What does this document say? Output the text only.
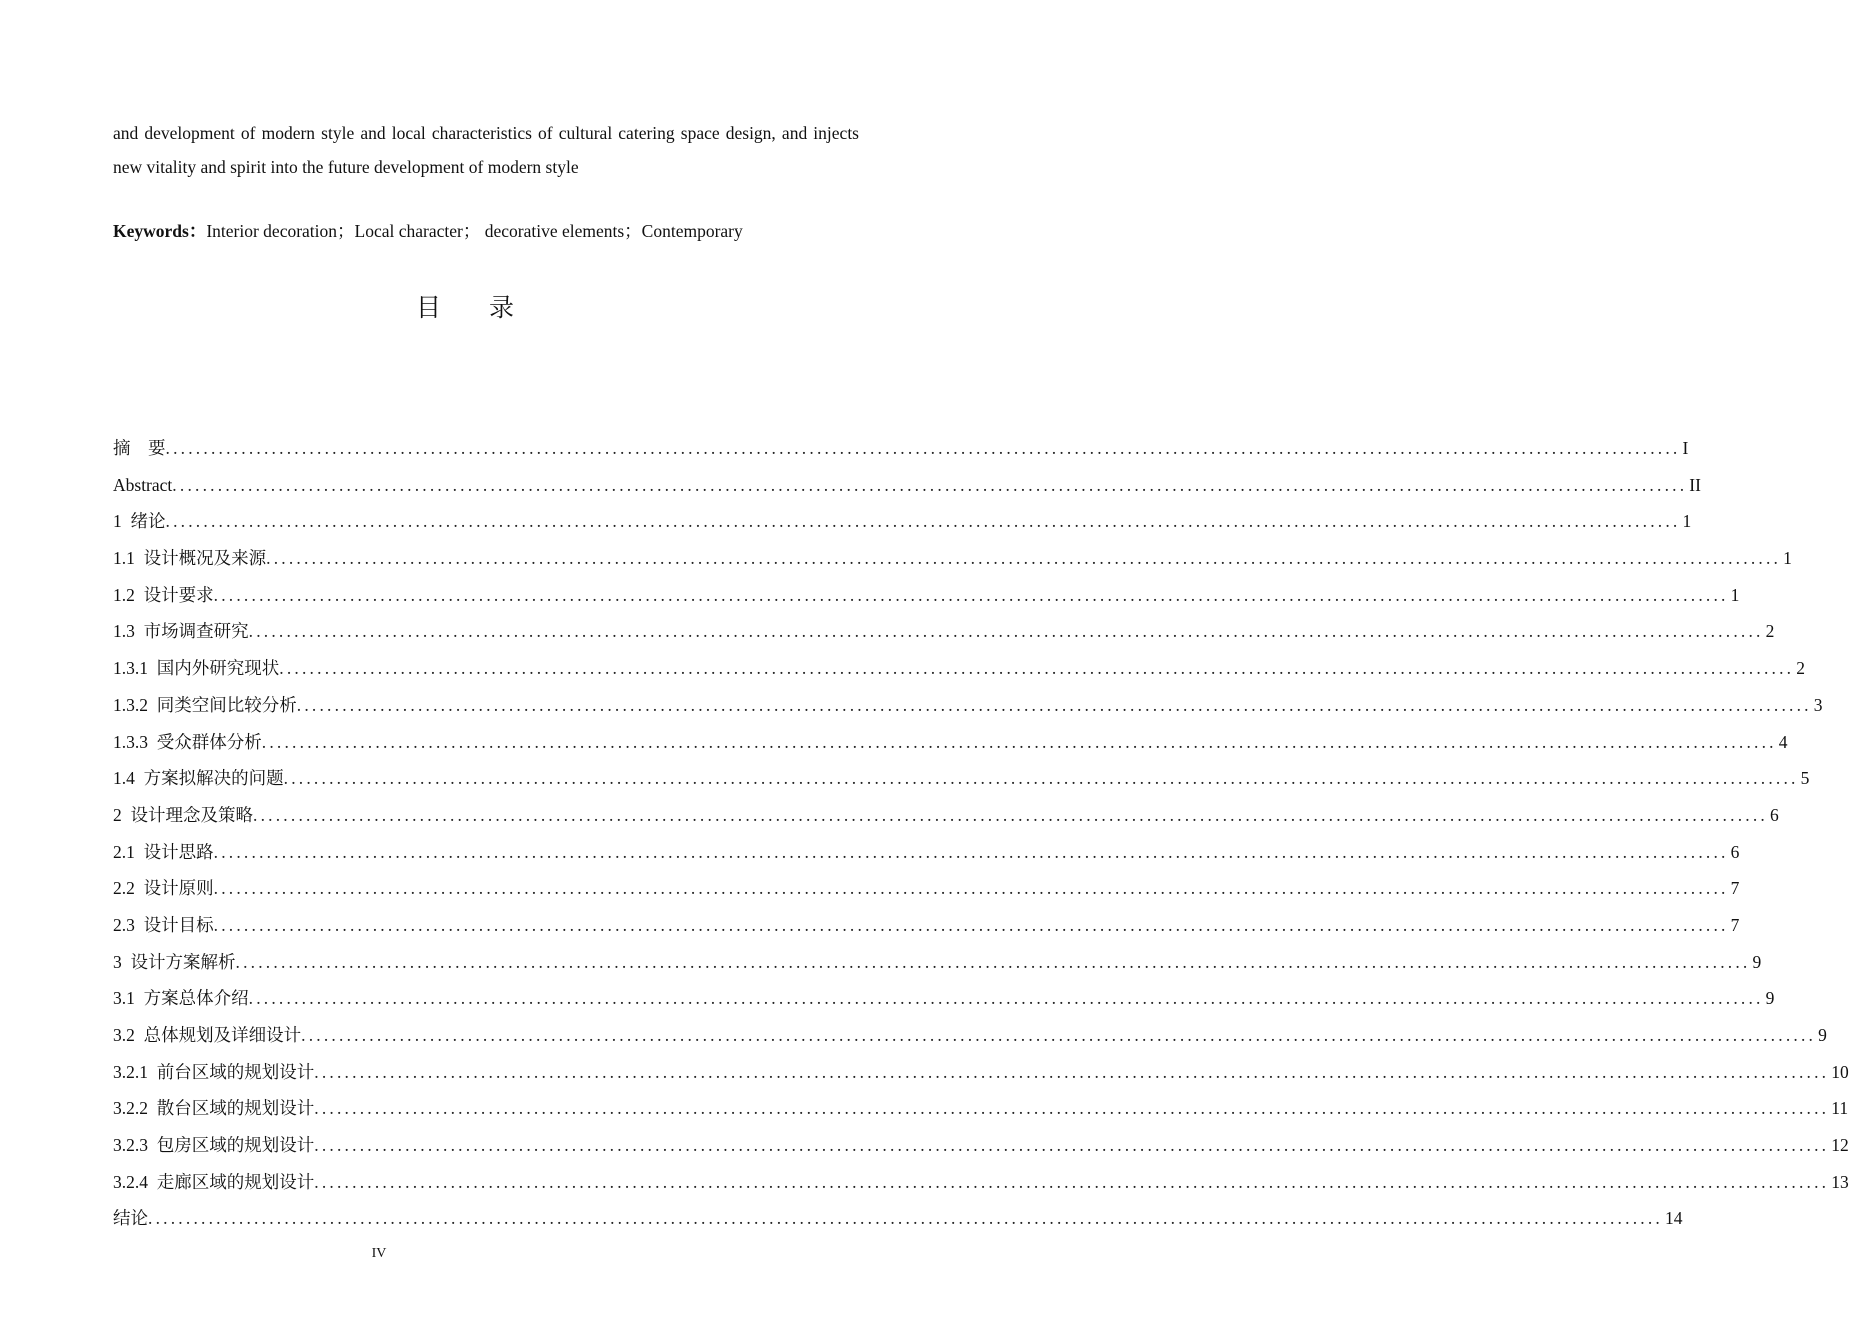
and development of modern style and local characteristics of cultural catering space design, and injects new vitality and spirit into the future development of modern style

Keywords：Interior decoration；Local character； decorative elements；Contemporary

目 录
摘　要 ........................................................................................................................................................................................................ I
Abstract ........................................................................................................................................................................................................ II
1  绪论 ........................................................................................................................................................................................................ 1
1.1  设计概况及来源 ........................................................................................................................................................................................................ 1
1.2  设计要求 ........................................................................................................................................................................................................ 1
1.3  市场调查研究 ........................................................................................................................................................................................................ 2
1.3.1  国内外研究现状 ........................................................................................................................................................................................................ 2
1.3.2  同类空间比较分析 ........................................................................................................................................................................................................ 3
1.3.3  受众群体分析 ........................................................................................................................................................................................................ 4
1.4  方案拟解决的问题 ........................................................................................................................................................................................................ 5
2  设计理念及策略 ........................................................................................................................................................................................................ 6
2.1  设计思路 ........................................................................................................................................................................................................ 6
2.2  设计原则 ........................................................................................................................................................................................................ 7
2.3  设计目标 ........................................................................................................................................................................................................ 7
3  设计方案解析 ........................................................................................................................................................................................................ 9
3.1  方案总体介绍 ........................................................................................................................................................................................................ 9
3.2  总体规划及详细设计 ........................................................................................................................................................................................................ 9
3.2.1  前台区域的规划设计 ........................................................................................................................................................................................................ 10
3.2.2  散台区域的规划设计 ........................................................................................................................................................................................................ 11
3.2.3  包房区域的规划设计 ........................................................................................................................................................................................................ 12
3.2.4  走廊区域的规划设计 ........................................................................................................................................................................................................ 13
结论 ........................................................................................................................................................................................................ 14

IV
